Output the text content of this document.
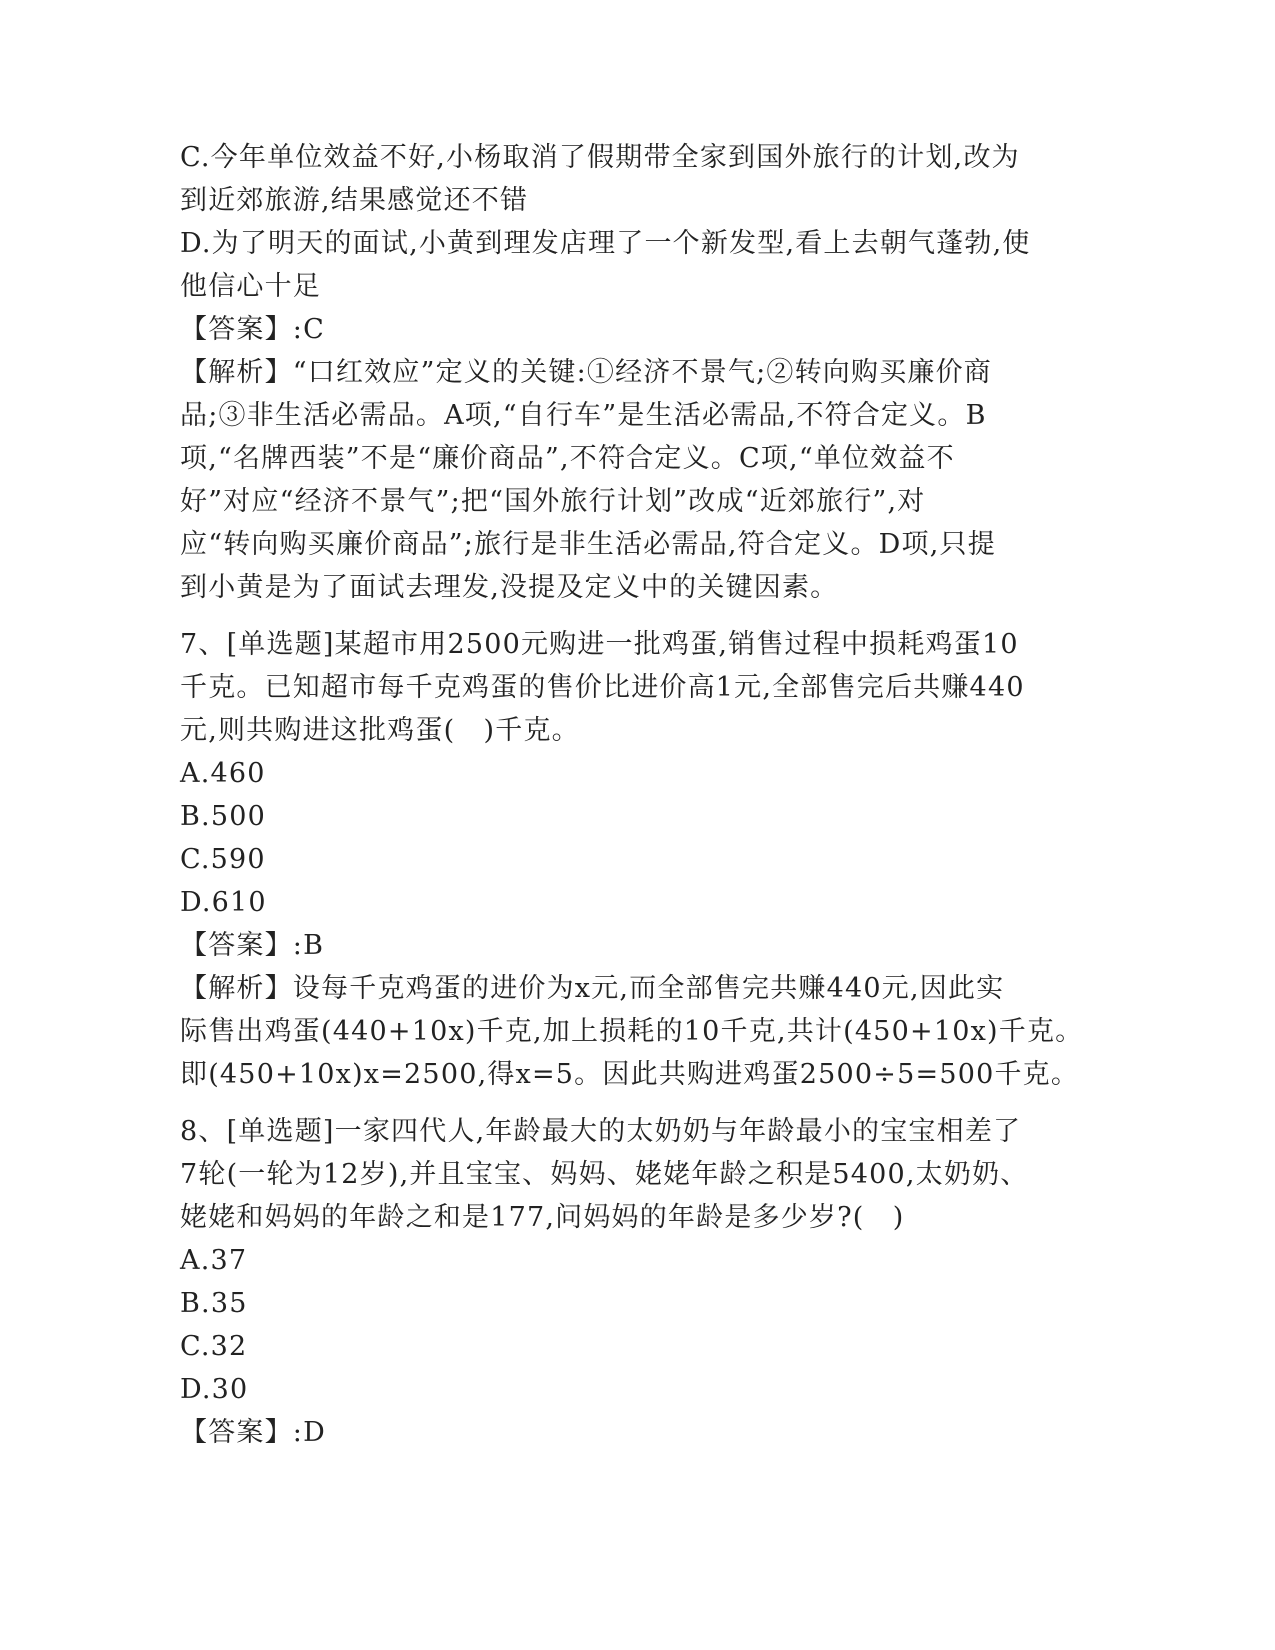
C.今年单位效益不好,小杨取消了假期带全家到国外旅行的计划,改为
到近郊旅游,结果感觉还不错
D.为了明天的面试,小黄到理发店理了一个新发型,看上去朝气蓬勃,使
他信心十足
【答案】:C
【解析】“口红效应”定义的关键:①经济不景气;②转向购买廉价商
品;③非生活必需品。A项,“自行车”是生活必需品,不符合定义。B
项,“名牌西装”不是“廉价商品”,不符合定义。C项,“单位效益不
好”对应“经济不景气”;把“国外旅行计划”改成“近郊旅行”,对
应“转向购买廉价商品”;旅行是非生活必需品,符合定义。D项,只提
到小黄是为了面试去理发,没提及定义中的关键因素。
7、[单选题]某超市用2500元购进一批鸡蛋,销售过程中损耗鸡蛋10
千克。已知超市每千克鸡蛋的售价比进价高1元,全部售完后共赚440
元,则共购进这批鸡蛋(　)千克。
A.460
B.500
C.590
D.610
【答案】:B
【解析】设每千克鸡蛋的进价为x元,而全部售完共赚440元,因此实
际售出鸡蛋(440+10x)千克,加上损耗的10千克,共计(450+10x)千克。
即(450+10x)x=2500,得x=5。因此共购进鸡蛋2500÷5=500千克。
8、[单选题]一家四代人,年龄最大的太奶奶与年龄最小的宝宝相差了
7轮(一轮为12岁),并且宝宝、妈妈、姥姥年龄之积是5400,太奶奶、
姥姥和妈妈的年龄之和是177,问妈妈的年龄是多少岁?(　)
A.37
B.35
C.32
D.30
【答案】:D
